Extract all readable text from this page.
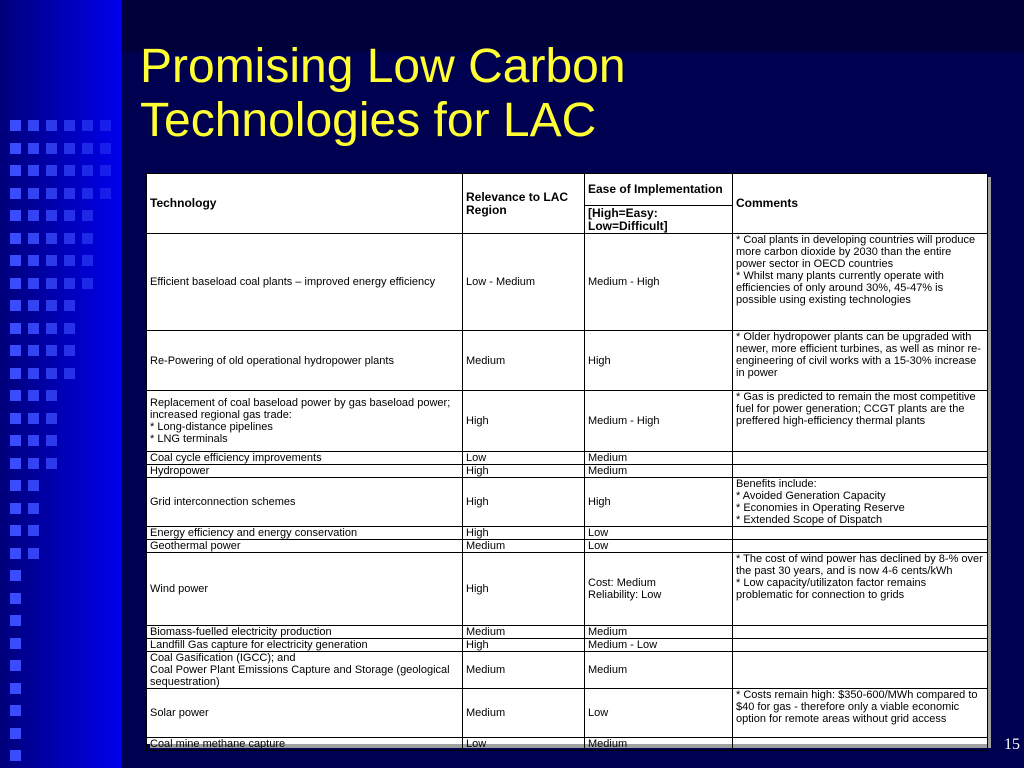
Promising Low Carbon
Technologies for LAC
Technology	Relevance to LAC Region	Ease of Implementation	Comments
		[High=Easy: Low=Difficult]	
Efficient baseload coal plants – improved energy efficiency	Low - Medium	Medium - High	* Coal plants in developing countries will produce more carbon dioxide by 2030 than the entire power sector in OECD countries
* Whilst many plants currently operate with efficiencies of only around 30%, 45-47% is possible using existing technologies
Re-Powering of old operational hydropower plants	Medium	High	* Older hydropower plants can be upgraded with newer, more efficient turbines, as well as minor re-engineering of civil works with a 15-30% increase in power
Replacement of coal baseload power by gas baseload power; increased regional gas trade:
* Long-distance pipelines
* LNG terminals	High	Medium - High	* Gas is predicted to remain the most competitive fuel for power generation; CCGT plants are the preffered high-efficiency thermal plants
Coal cycle efficiency improvements	Low	Medium	
Hydropower	High	Medium	
Grid interconnection schemes	High	High	Benefits include:
* Avoided Generation Capacity
* Economies in Operating Reserve
* Extended Scope of Dispatch
Energy efficiency and energy conservation	High	Low	
Geothermal power	Medium	Low	
Wind power	High	Cost: Medium
Reliability: Low	* The cost of wind power has declined by 8-% over the past 30 years, and is now 4-6 cents/kWh
* Low capacity/utilizaton factor remains problematic for connection to grids
Biomass-fuelled electricity production	Medium	Medium	
Landfill Gas capture for electricity generation	High	Medium - Low	
Coal Gasification (IGCC); and
Coal Power Plant Emissions Capture and Storage (geological sequestration)	Medium	Medium	
Solar power	Medium	Low	* Costs remain high: $350-600/MWh compared to $40 for gas - therefore only a viable economic option for remote areas without grid access
Coal mine methane capture	Low	Medium		15
